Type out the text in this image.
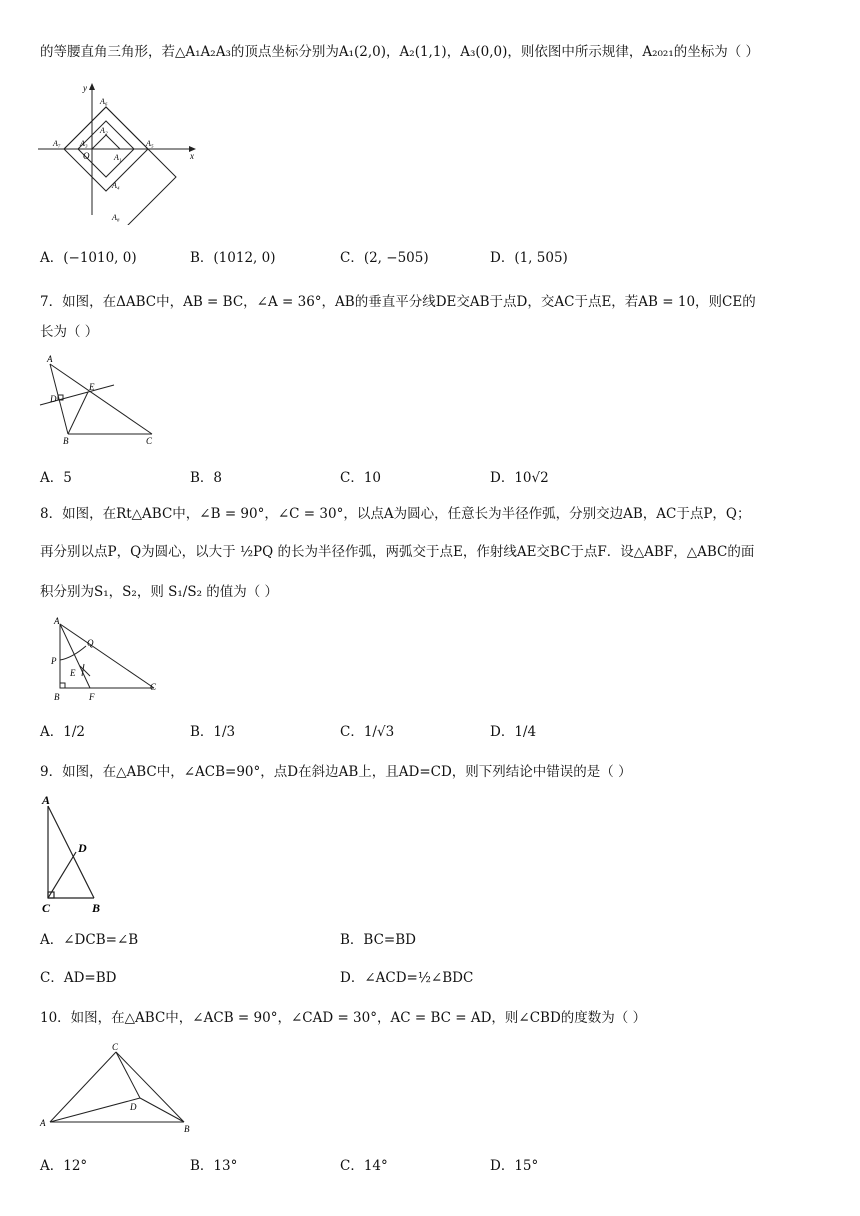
的等腰直角三角形，若△A₁A₂A₃的顶点坐标分别为A₁(2,0)，A₂(1,1)，A₃(0,0)，则依图中所示规律，A₂₀₂₁的坐标为（ ）
y
x
O	A₁
A₂
A₃
A₄
A₅
A₆
A₇
A₈
A．(−1010, 0)	B．(1012, 0)	C．(2, −505)	D．(1, 505)
7．如图，在ΔABC中，AB = BC，∠A = 36°，AB的垂直平分线DE交AB于点D，交AC于点E，若AB = 10，则CE的
长为（ ）
A
B	C
D
E
A．5	B．8	C．10	D．10√2
8．如图，在Rt△ABC中，∠B = 90°，∠C = 30°，以点A为圆心，任意长为半径作弧，分别交边AB，AC于点P，Q；
再分别以点P，Q为圆心，以大于 ½PQ 的长为半径作弧，两弧交于点E，作射线AE交BC于点F．设△ABF，△ABC的面
积分别为S₁，S₂，则 S₁/S₂ 的值为（ ）
A
B
C
P
Q
E
F
A．1/2	B．1/3	C．1/√3	D．1/4
9．如图，在△ABC中，∠ACB=90°，点D在斜边AB上，且AD=CD，则下列结论中错误的是（ ）
A
C	B
D
A．∠DCB=∠B	B．BC=BD
C．AD=BD	D．∠ACD=½∠BDC
10．如图，在△ABC中，∠ACB = 90°，∠CAD = 30°，AC = BC = AD，则∠CBD的度数为（ ）
C
A
B
D
A．12°	B．13°	C．14°	D．15°
